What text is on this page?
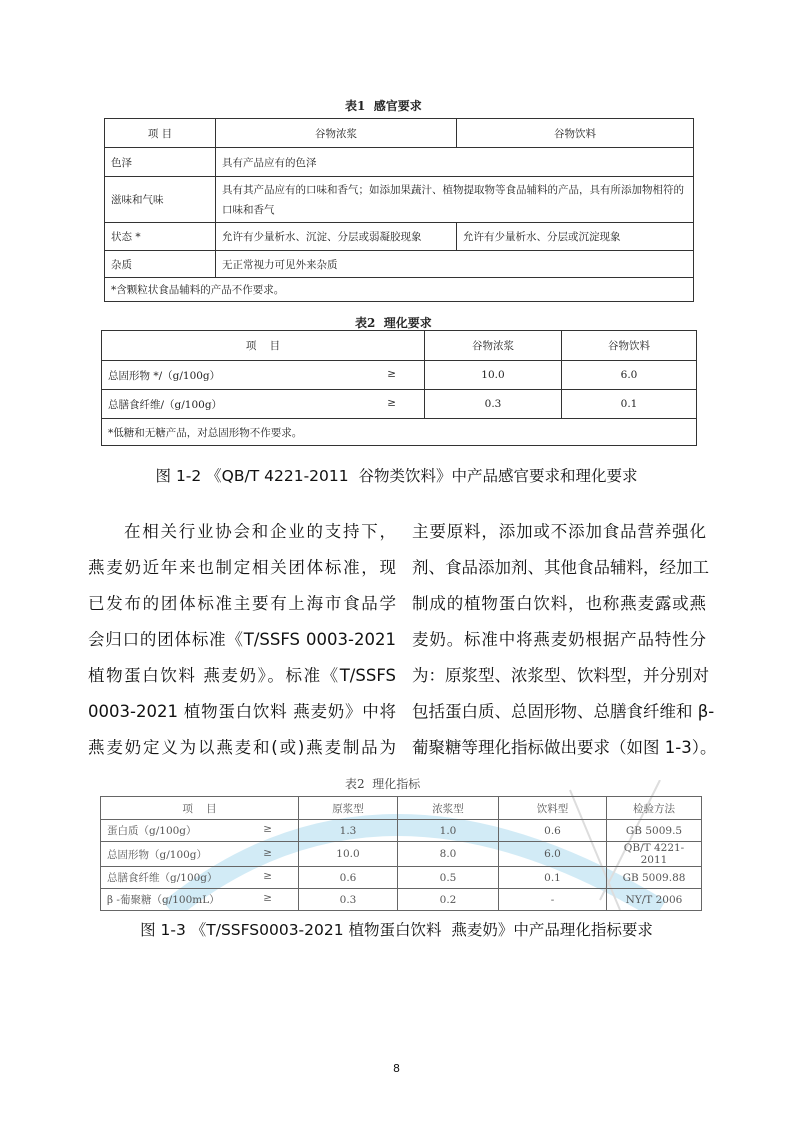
表1  感官要求
项 目	谷物浓浆	谷物饮料
色泽	具有产品应有的色泽	
滋味和气味	具有其产品应有的口味和香气；如添加果蔬汁、植物提取物等食品辅料的产品，具有所添加物相符的口味和香气	
状态 *	允许有少量析水、沉淀、分层或弱凝胶现象	允许有少量析水、分层或沉淀现象
杂质	无正常视力可见外来杂质	
*含颗粒状食品辅料的产品不作要求。		
表2  理化要求
项    目	谷物浓浆	谷物饮料
总固形物 */（g/100g） ≥	10.0	6.0
总膳食纤维/（g/100g） ≥	0.3	0.1
*低糖和无糖产品，对总固形物不作要求。		
图 1-2 《QB/T 4221-2011  谷物类饮料》中产品感官要求和理化要求
在相关行业协会和企业的支持下，
燕麦奶近年来也制定相关团体标准，现
已发布的团体标准主要有上海市食品学
会归口的团体标准《T/SSFS 0003-2021
植物蛋白饮料 燕麦奶》。标准《T/SSFS
0003-2021 植物蛋白饮料 燕麦奶》中将
燕麦奶定义为以燕麦和(或)燕麦制品为
主要原料，添加或不添加食品营养强化
剂、食品添加剂、其他食品辅料，经加工
制成的植物蛋白饮料，也称燕麦露或燕
麦奶。标准中将燕麦奶根据产品特性分
为：原浆型、浓浆型、饮料型，并分别对
包括蛋白质、总固形物、总膳食纤维和 β-
葡聚糖等理化指标做出要求（如图 1-3）。
表2  理化指标
项    目	原浆型	浓浆型	饮料型	检验方法
蛋白质（g/100g） ≥	1.3	1.0	0.6	GB 5009.5
总固形物（g/100g） ≥	10.0	8.0	6.0	QB/T 4221-2011
总膳食纤维（g/100g） ≥	0.6	0.5	0.1	GB 5009.88
β -葡聚糖（g/100mL） ≥	0.3	0.2	-	NY/T 2006
图 1-3 《T/SSFS0003-2021 植物蛋白饮料  燕麦奶》中产品理化指标要求
8
